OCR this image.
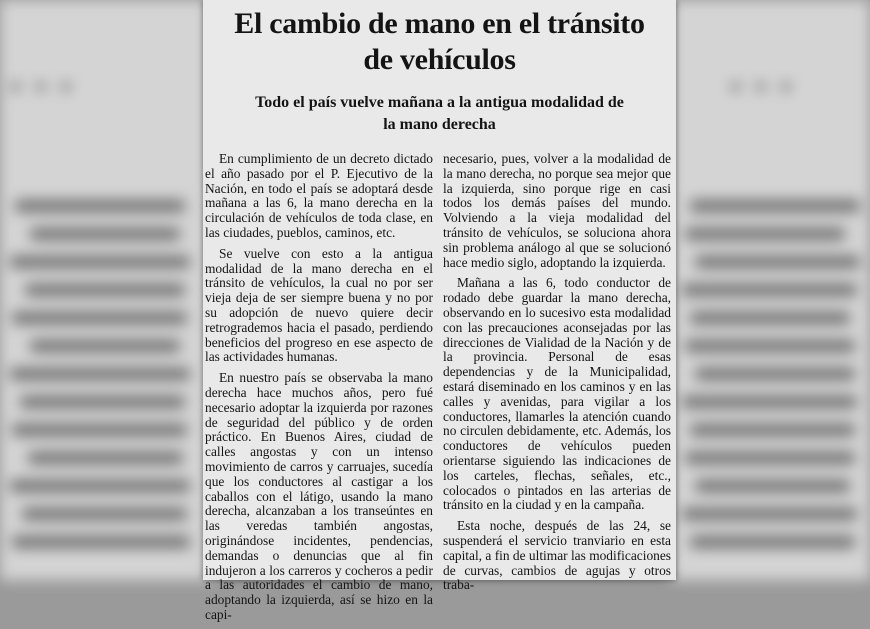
. . .	. . .
El cambio de mano en el tránsito
de vehículos
Todo el país vuelve mañana a la antigua modalidad de
la mano derecha

En cumplimiento de un decreto dictado el año pasado por el P. Ejecutivo de la Nación, en todo el país se adoptará desde mañana a las 6, la mano derecha en la circulación de vehículos de toda clase, en las ciudades, pueblos, caminos, etc.

Se vuelve con esto a la antigua modalidad de la mano derecha en el tránsito de vehículos, la cual no por ser vieja deja de ser siempre buena y no por su adopción de nuevo quiere decir retrogrademos hacia el pasado, perdiendo beneficios del progreso en ese aspecto de las actividades humanas.

En nuestro país se observaba la mano derecha hace muchos años, pero fué necesario adoptar la izquierda por razones de seguridad del público y de orden práctico. En Buenos Aires, ciudad de calles angostas y con un intenso movimiento de carros y carruajes, sucedía que los conductores al castigar a los caballos con el látigo, usando la mano derecha, alcanzaban a los transeúntes en las veredas también angostas, originándose incidentes, pendencias, demandas o denuncias que al fin indujeron a los carreros y cocheros a pedir a las autoridades el cambio de mano, adoptando la izquierda, así se hizo en la capi-

necesario, pues, volver a la modalidad de la mano derecha, no porque sea mejor que la izquierda, sino porque rige en casi todos los demás países del mundo. Volviendo a la vieja modalidad del tránsito de vehículos, se soluciona ahora sin problema análogo al que se solucionó hace medio siglo, adoptando la izquierda.

Mañana a las 6, todo conductor de rodado debe guardar la mano derecha, observando en lo sucesivo esta modalidad con las precauciones aconsejadas por las direcciones de Vialidad de la Nación y de la provincia. Personal de esas dependencias y de la Municipalidad, estará diseminado en los caminos y en las calles y avenidas, para vigilar a los conductores, llamarles la atención cuando no circulen debidamente, etc. Además, los conductores de vehículos pueden orientarse siguiendo las indicaciones de los carteles, flechas, señales, etc., colocados o pintados en las arterias de tránsito en la ciudad y en la campaña.

Esta noche, después de las 24, se suspenderá el servicio tranviario en esta capital, a fin de ultimar las modificaciones de curvas, cambios de agujas y otros traba-
